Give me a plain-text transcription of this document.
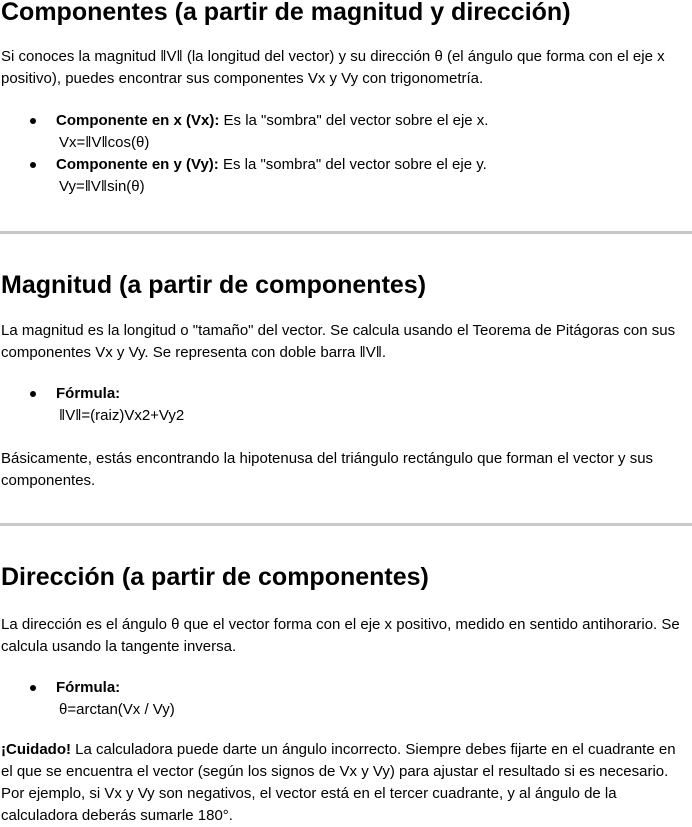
Componentes (a partir de magnitud y dirección)

Si conoces la magnitud ‖V‖ (la longitud del vector) y su dirección θ (el ángulo que forma con el eje x positivo), puedes encontrar sus componentes Vx y Vy con trigonometría.

Componente en x (Vx): Es la "sombra" del vector sobre el eje x.
Vx=‖V‖cos(θ)
Componente en y (Vy): Es la "sombra" del vector sobre el eje y.
Vy=‖V‖sin(θ)
Magnitud (a partir de componentes)

La magnitud es la longitud o "tamaño" del vector. Se calcula usando el Teorema de Pitágoras con sus componentes Vx y Vy. Se representa con doble barra ‖V‖.

Fórmula:
‖V‖=(raiz)Vx2+Vy2

Básicamente, estás encontrando la hipotenusa del triángulo rectángulo que forman el vector y sus componentes.

Dirección (a partir de componentes)

La dirección es el ángulo θ que el vector forma con el eje x positivo, medido en sentido antihorario. Se calcula usando la tangente inversa.

Fórmula:
θ=arctan(Vx / Vy)

¡Cuidado! La calculadora puede darte un ángulo incorrecto. Siempre debes fijarte en el cuadrante en el que se encuentra el vector (según los signos de Vx y Vy) para ajustar el resultado si es necesario. Por ejemplo, si Vx y Vy son negativos, el vector está en el tercer cuadrante, y al ángulo de la calculadora deberás sumarle 180°.
